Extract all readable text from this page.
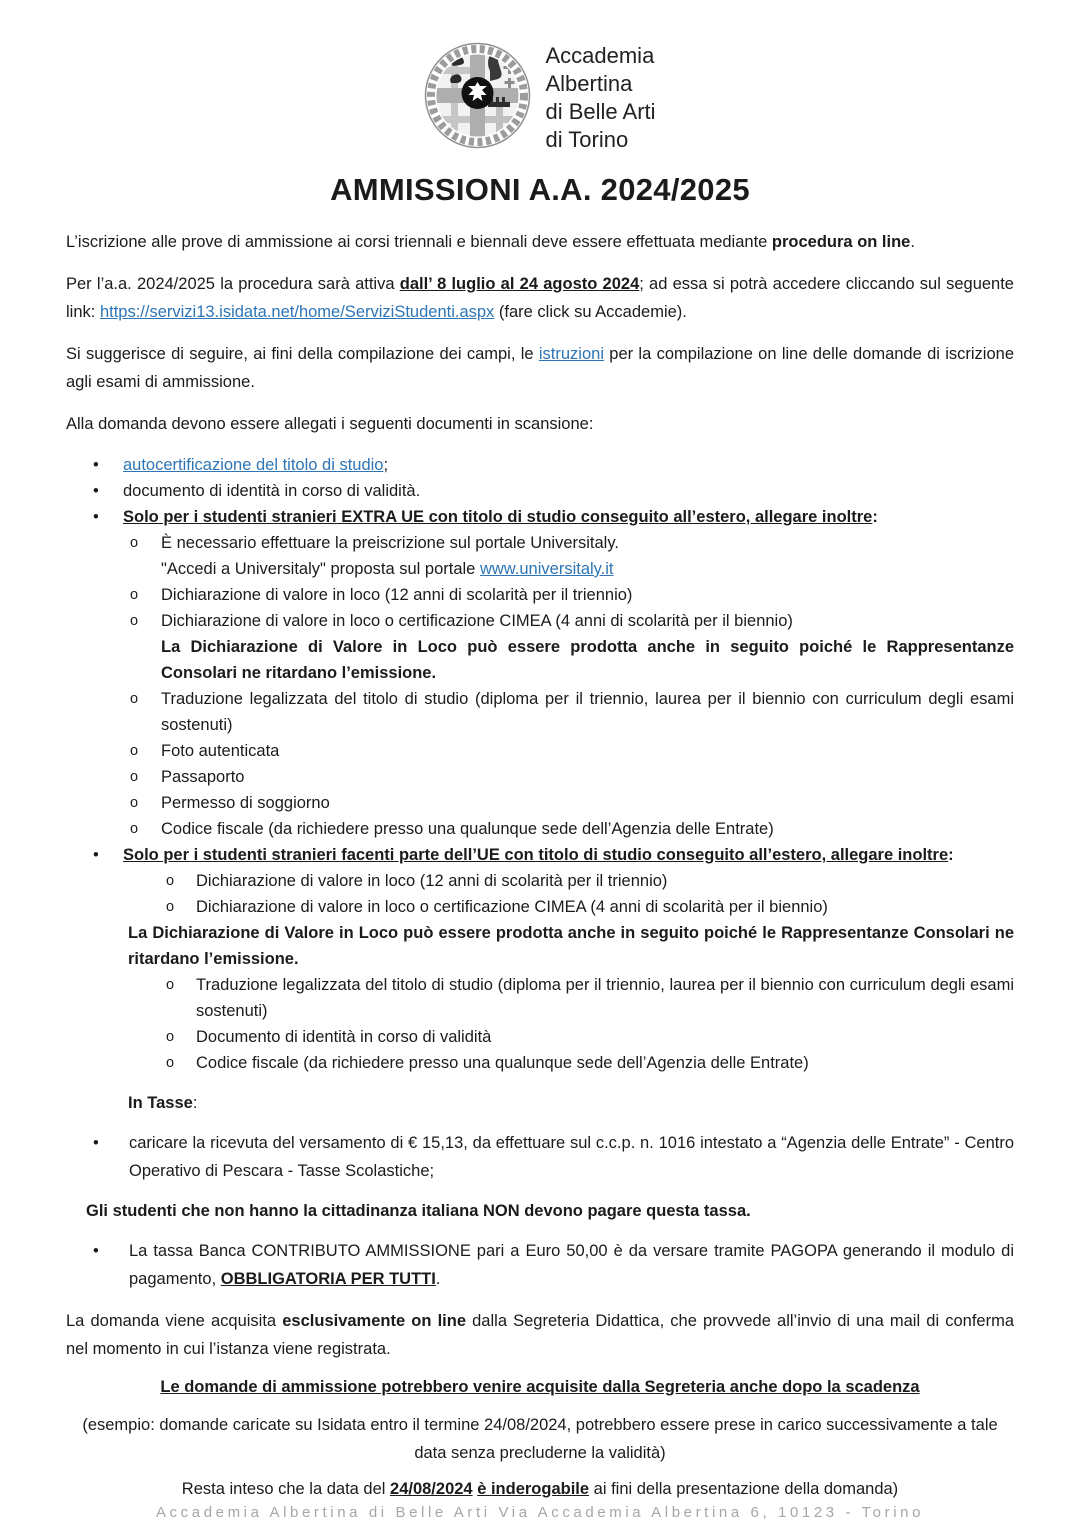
Accademia
Albertina
di Belle Arti
di Torino
AMMISSIONI A.A. 2024/2025

L’iscrizione alle prove di ammissione ai corsi triennali e biennali deve essere effettuata mediante procedura on line.

Per l’a.a. 2024/2025 la procedura sarà attiva dall’ 8 luglio al 24 agosto 2024; ad essa si potrà accedere cliccando sul seguente link: https://servizi13.isidata.net/home/ServiziStudenti.aspx (fare click su Accademie).

Si suggerisce di seguire, ai fini della compilazione dei campi, le istruzioni per la compilazione on line delle domande di iscrizione agli esami di ammissione.

Alla domanda devono essere allegati i seguenti documenti in scansione:

•	autocertificazione del titolo di studio;
•	documento di identità in corso di validità.
•	Solo per i studenti stranieri EXTRA UE con titolo di studio conseguito all’estero, allegare inoltre:
o	È necessario effettuare la preiscrizione sul portale Universitaly.
"Accedi a Universitaly" proposta sul portale www.universitaly.it
o	Dichiarazione di valore in loco (12 anni di scolarità per il triennio)
o	Dichiarazione di valore in loco o certificazione CIMEA (4 anni di scolarità per il biennio)
La Dichiarazione di Valore in Loco può essere prodotta anche in seguito poiché le Rappresentanze Consolari ne ritardano l’emissione.
o	Traduzione legalizzata del titolo di studio (diploma per il triennio, laurea per il biennio con curriculum degli esami sostenuti)
o	Foto autenticata
o	Passaporto
o	Permesso di soggiorno
o	Codice fiscale (da richiedere presso una qualunque sede dell’Agenzia delle Entrate)
•	Solo per i studenti stranieri facenti parte dell’UE con titolo di studio conseguito all’estero, allegare inoltre:
o	Dichiarazione di valore in loco (12 anni di scolarità per il triennio)
o	Dichiarazione di valore in loco o certificazione CIMEA (4 anni di scolarità per il biennio)
La Dichiarazione di Valore in Loco può essere prodotta anche in seguito poiché le Rappresentanze Consolari ne ritardano l’emissione.
o	Traduzione legalizzata del titolo di studio (diploma per il triennio, laurea per il biennio con curriculum degli esami sostenuti)
o	Documento di identità in corso di validità
o	Codice fiscale (da richiedere presso una qualunque sede dell’Agenzia delle Entrate)
In Tasse:
•	caricare la ricevuta del versamento di € 15,13, da effettuare sul c.c.p. n. 1016 intestato a “Agenzia delle Entrate” - Centro Operativo di Pescara - Tasse Scolastiche;
Gli studenti che non hanno la cittadinanza italiana NON devono pagare questa tassa.
•	La tassa Banca CONTRIBUTO AMMISSIONE pari a Euro 50,00 è da versare tramite PAGOPA generando il modulo di pagamento, OBBLIGATORIA PER TUTTI.

La domanda viene acquisita esclusivamente on line dalla Segreteria Didattica, che provvede all’invio di una mail di conferma nel momento in cui l’istanza viene registrata.

Le domande di ammissione potrebbero venire acquisite dalla Segreteria anche dopo la scadenza

(esempio: domande caricate su Isidata entro il termine 24/08/2024, potrebbero essere prese in carico successivamente a tale data senza precluderne la validità)

Resta inteso che la data del 24/08/2024 è inderogabile ai fini della presentazione della domanda)

Accademia Albertina di Belle Arti Via Accademia Albertina 6, 10123 - Torino
